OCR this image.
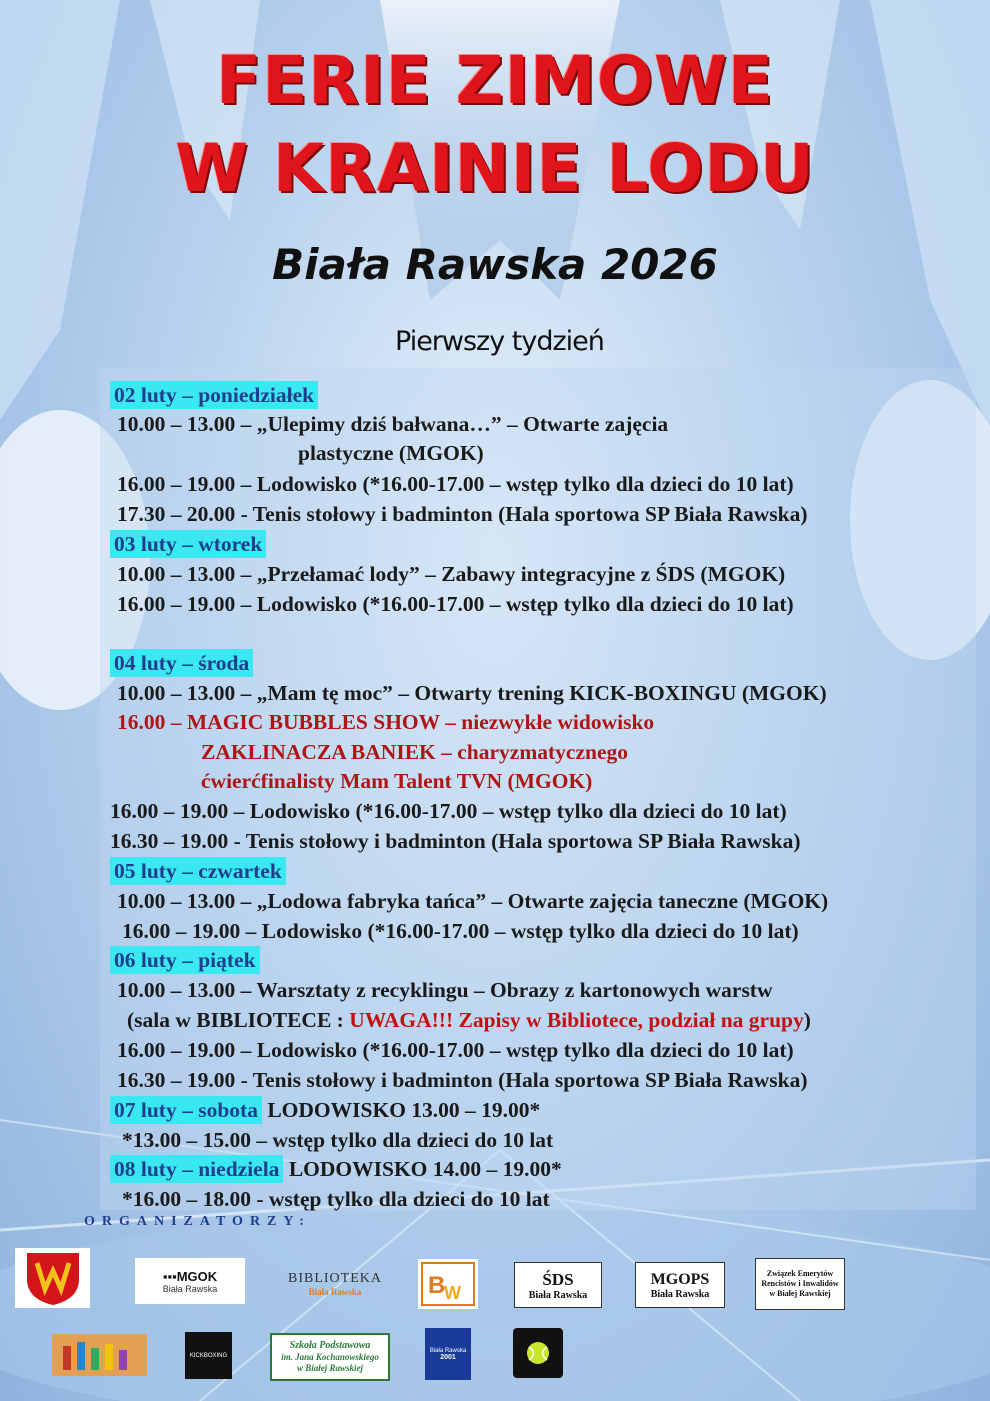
FERIE ZIMOWE
W KRAINIE LODU
Biała Rawska 2026
Pierwszy tydzień
02 luty – poniedziałek
10.00 – 13.00 – „Ulepimy dziś bałwana…” – Otwarte zajęcia
plastyczne (MGOK)
16.00 – 19.00 – Lodowisko (*16.00-17.00 – wstęp tylko dla dzieci do 10 lat)
17.30 – 20.00 - Tenis stołowy i badminton (Hala sportowa SP Biała Rawska)
03 luty – wtorek
10.00 – 13.00 – „Przełamać lody” – Zabawy integracyjne z ŚDS (MGOK)
16.00 – 19.00 – Lodowisko (*16.00-17.00 – wstęp tylko dla dzieci do 10 lat)
04 luty – środa
10.00 – 13.00 – „Mam tę moc” – Otwarty trening KICK-BOXINGU (MGOK)
16.00 – MAGIC BUBBLES SHOW – niezwykłe widowisko
ZAKLINACZA BANIEK – charyzmatycznego
ćwierćfinalisty Mam Talent TVN (MGOK)
16.00 – 19.00 – Lodowisko (*16.00-17.00 – wstęp tylko dla dzieci do 10 lat)
16.30 – 19.00 - Tenis stołowy i badminton (Hala sportowa SP Biała Rawska)
05 luty – czwartek
10.00 – 13.00 – „Lodowa fabryka tańca” – Otwarte zajęcia taneczne (MGOK)
16.00 – 19.00 – Lodowisko (*16.00-17.00 – wstęp tylko dla dzieci do 10 lat)
06 luty – piątek
10.00 – 13.00 – Warsztaty z recyklingu – Obrazy z kartonowych warstw
(sala w BIBLIOTECE : UWAGA!!! Zapisy w Bibliotece, podział na grupy)
16.00 – 19.00 – Lodowisko (*16.00-17.00 – wstęp tylko dla dzieci do 10 lat)
16.30 – 19.00 - Tenis stołowy i badminton (Hala sportowa SP Biała Rawska)
07 luty – sobota LODOWISKO 13.00 – 19.00*
*13.00 – 15.00 – wstęp tylko dla dzieci do 10 lat
08 luty – niedziela LODOWISKO 14.00 – 19.00*
*16.00 – 18.00 - wstęp tylko dla dzieci do 10 lat
ORGANIZATORZY:
▪▪▪MGOK
Biała Rawska
BIBLIOTEKA
Biała Rawska	B
W
ŚDS
Biała Rawska
MGOPS
Biała Rawska
Związek Emerytów Rencistów i Inwalidów w Białej Rawskiej
KICKBOXING
Szkoła Podstawowa
im. Jana Kochanowskiego
w Białej Rawskiej
Biała Rawska
2001
